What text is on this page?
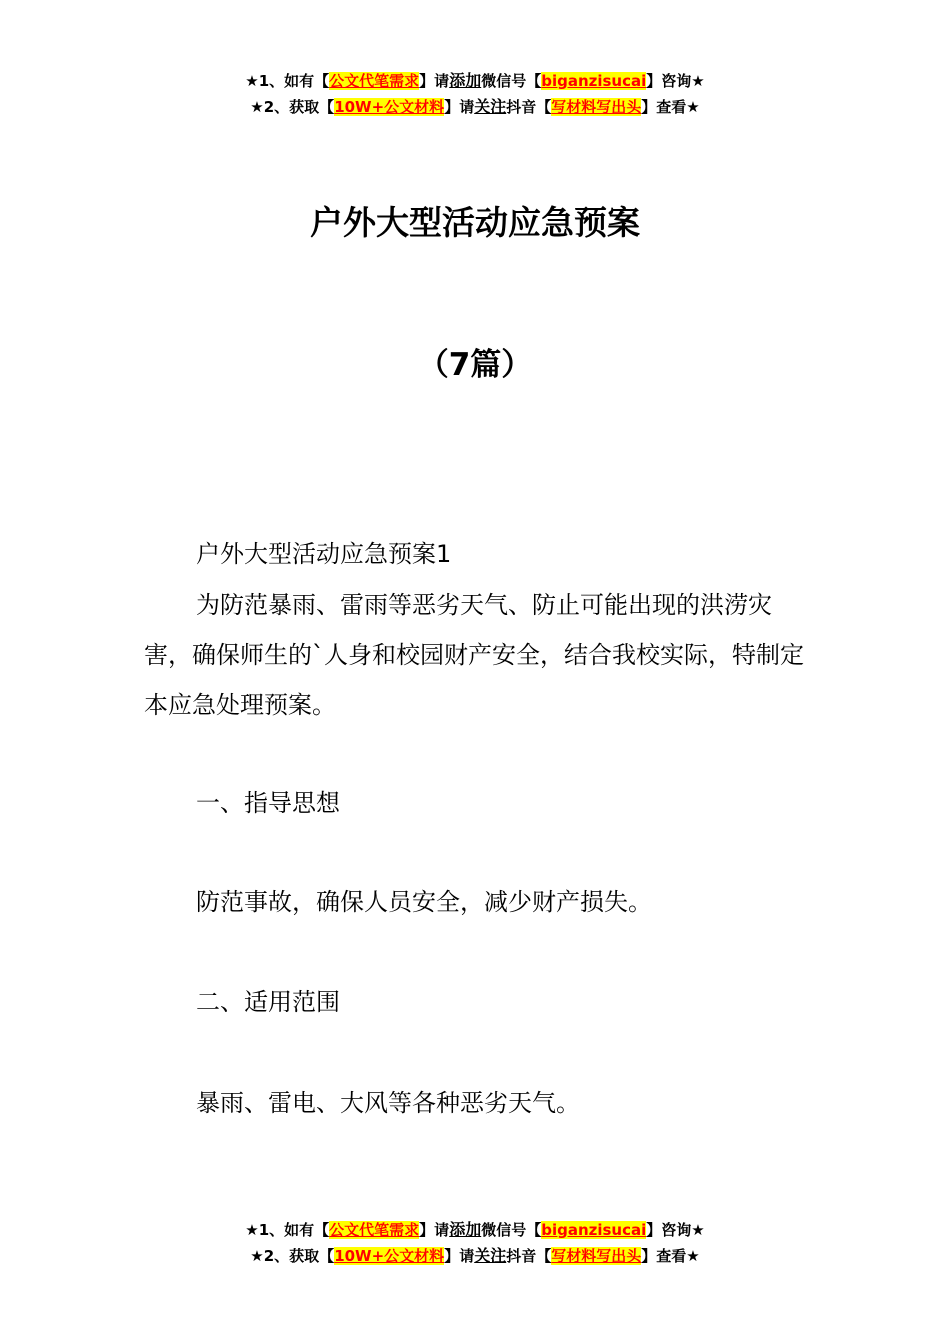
★1、如有【公文代笔需求】请添加微信号【biganzisucai】咨询★
★2、获取【10W+公文材料】请关注抖音【写材料写出头】查看★
户外大型活动应急预案
（7篇）
户外大型活动应急预案1
为防范暴雨、雷雨等恶劣天气、防止可能出现的洪涝灾害，确保师生的`人身和校园财产安全，结合我校实际，特制定本应急处理预案。
一、指导思想
防范事故，确保人员安全，减少财产损失。
二、适用范围
暴雨、雷电、大风等各种恶劣天气。
★1、如有【公文代笔需求】请添加微信号【biganzisucai】咨询★
★2、获取【10W+公文材料】请关注抖音【写材料写出头】查看★
